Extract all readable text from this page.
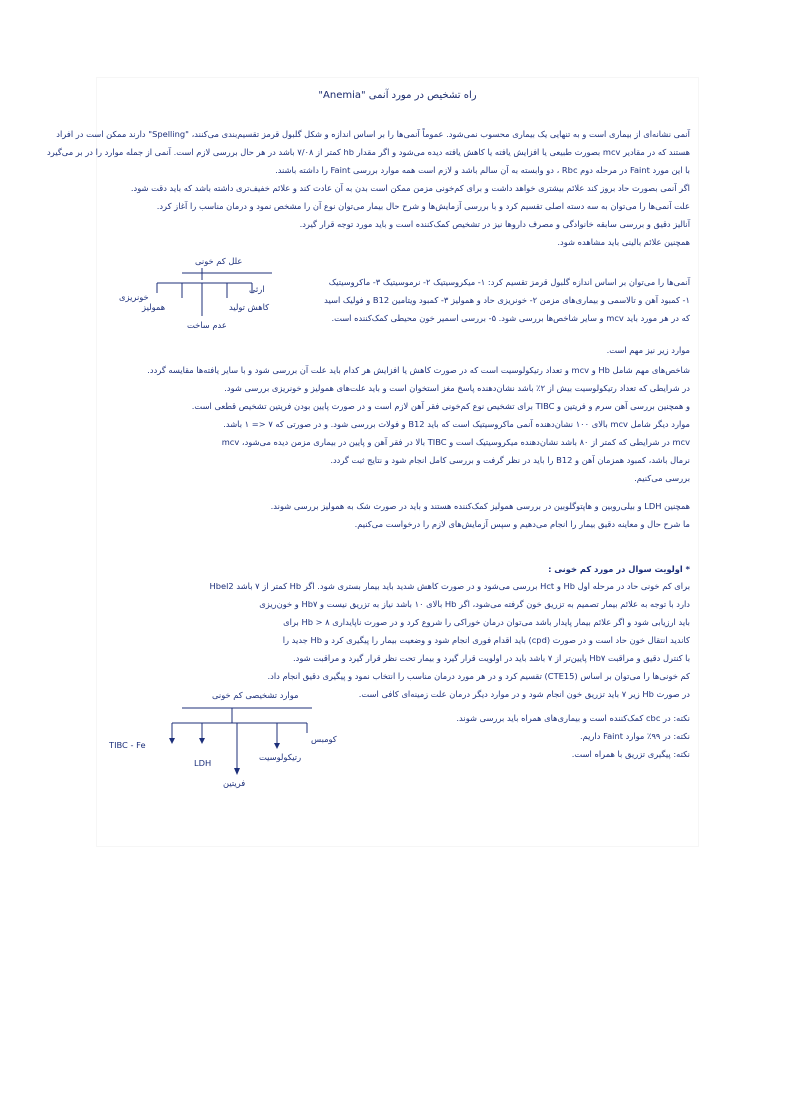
راه تشخیص در مورد آنمی "Anemia"
آنمی نشانه‌ای از بیماری است و به تنهایی یک بیماری محسوب نمی‌شود. عموماً آنمی‌ها را بر اساس اندازه و شکل گلبول قرمز تقسیم‌بندی می‌کنند، "Spelling" دارند ممکن است در افراد
هستند که در مقادیر mcv بصورت طبیعی یا افزایش یافته یا کاهش یافته دیده می‌شود و اگر مقدار hb کمتر از ۷/۰۸ باشد در هر حال بررسی لازم است. آنمی از جمله موارد را در بر می‌گیرد
با این مورد Faint در مرحله دوم Rbc ، دو وابسته به آن سالم باشد و لازم است همه موارد بررسی Faint را داشته باشند.
اگر آنمی بصورت حاد بروز کند علائم بیشتری خواهد داشت و برای کم‌خونی مزمن ممکن است بدن به آن عادت کند و علائم خفیف‌تری داشته باشد که باید دقت شود.
علت آنمی‌ها را می‌توان به سه دسته اصلی تقسیم کرد و با بررسی آزمایش‌ها و شرح حال بیمار می‌توان نوع آن را مشخص نمود و درمان مناسب را آغاز کرد.
آنالیز دقیق و بررسی سابقه خانوادگی و مصرف داروها نیز در تشخیص کمک‌کننده است و باید مورد توجه قرار گیرد.
همچنین علائم بالینی باید مشاهده شود.
علل کم خونی
خونریزی
همولیز
عدم ساخت
کاهش تولید
ارثی
آنمی‌ها را می‌توان بر اساس اندازه گلبول قرمز تقسیم کرد: ۱- میکروسیتیک ۲- نرموسیتیک ۳- ماکروسیتیک
۱- کمبود آهن و تالاسمی و بیماری‌های مزمن ۲- خونریزی حاد و همولیز ۳- کمبود ویتامین B12 و فولیک اسید
که در هر مورد باید mcv و سایر شاخص‌ها بررسی شود. ۵- بررسی اسمیر خون محیطی کمک‌کننده است.
موارد زیر نیز مهم است.
شاخص‌های مهم شامل Hb و mcv و تعداد رتیکولوسیت است که در صورت کاهش یا افزایش هر کدام باید علت آن بررسی شود و با سایر یافته‌ها مقایسه گردد.
در شرایطی که تعداد رتیکولوسیت بیش از ۲٪ باشد نشان‌دهنده پاسخ مغز استخوان است و باید علت‌های همولیز و خونریزی بررسی شود.
و همچنین بررسی آهن سرم و فریتین و TIBC برای تشخیص نوع کم‌خونی فقر آهن لازم است و در صورت پایین بودن فریتین تشخیص قطعی است.
موارد دیگر شامل mcv بالای ۱۰۰ نشان‌دهنده آنمی ماکروسیتیک است که باید B12 و فولات بررسی شود. و در صورتی که ۷ <= ۱ باشد.
mcv در شرایطی که کمتر از ۸۰ باشد نشان‌دهنده میکروسیتیک است و TIBC بالا در فقر آهن و پایین در بیماری مزمن دیده می‌شود، mcv
نرمال باشد، کمبود همزمان آهن و B12 را باید در نظر گرفت و بررسی کامل انجام شود و نتایج ثبت گردد.
بررسی می‌کنیم.
همچنین LDH و بیلی‌روبین و هاپتوگلوبین در بررسی همولیز کمک‌کننده هستند و باید در صورت شک به همولیز بررسی شوند.
ما شرح حال و معاینه دقیق بیمار را انجام می‌دهیم و سپس آزمایش‌های لازم را درخواست می‌کنیم.
* اولویت سوال در مورد کم خونی :
برای کم خونی حاد در مرحله اول Hb و Hct بررسی می‌شود و در صورت کاهش شدید باید بیمار بستری شود. اگر Hb کمتر از ۷ باشد Hbel2
دارد با توجه به علائم بیمار تصمیم به تزریق خون گرفته می‌شود، اگر Hb بالای ۱۰ باشد نیاز به تزریق نیست و Hb۷ و خون‌ریزی
باید ارزیابی شود و اگر علائم بیمار پایدار باشد می‌توان درمان خوراکی را شروع کرد و در صورت ناپایداری Hb > ۸ برای
کاندید انتقال خون حاد است و در صورت (cpd) باید اقدام فوری انجام شود و وضعیت بیمار را پیگیری کرد و Hb جدید را
با کنترل دقیق و مراقبت Hb۷ پایین‌تر از ۷ باشد باید در اولویت قرار گیرد و بیمار تحت نظر قرار گیرد و مراقبت شود.
کم خونی‌ها را می‌توان بر اساس (CTE15) تقسیم کرد و در هر مورد درمان مناسب را انتخاب نمود و پیگیری دقیق انجام داد.
در صورت Hb زیر ۷ باید تزریق خون انجام شود و در موارد دیگر درمان علت زمینه‌ای کافی است.
نکته: در cbc کمک‌کننده است و بیماری‌های همراه باید بررسی شوند.
نکته: در ۹۹٪ موارد Faint داریم.
نکته: پیگیری تزریق با همراه است.
موارد تشخیصی کم خونی
TIBC - Fe
LDH
فریتین
رتیکولوسیت
کومبس
